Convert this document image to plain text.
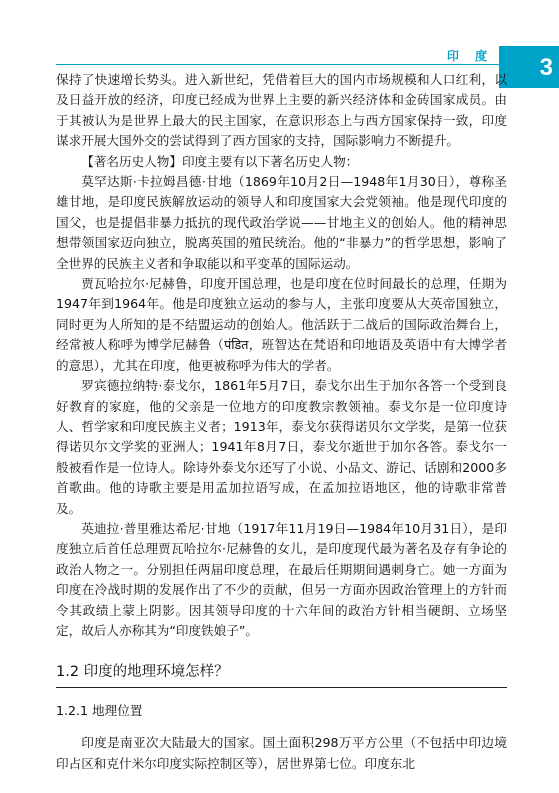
3
印 度

保持了快速增长势头。进入新世纪，凭借着巨大的国内市场规模和人口红利，以及日益开放的经济，印度已经成为世界上主要的新兴经济体和金砖国家成员。由于其被认为是世界上最大的民主国家，在意识形态上与西方国家保持一致，印度谋求开展大国外交的尝试得到了西方国家的支持，国际影响力不断提升。

【著名历史人物】印度主要有以下著名历史人物：

莫罕达斯·卡拉姆昌德·甘地（1869年10月2日—1948年1月30日），尊称圣雄甘地，是印度民族解放运动的领导人和印度国家大会党领袖。他是现代印度的国父，也是提倡非暴力抵抗的现代政治学说——甘地主义的创始人。他的精神思想带领国家迈向独立，脱离英国的殖民统治。他的“非暴力”的哲学思想，影响了全世界的民族主义者和争取能以和平变革的国际运动。

贾瓦哈拉尔·尼赫鲁，印度开国总理，也是印度在位时间最长的总理，任期为1947年到1964年。他是印度独立运动的参与人，主张印度要从大英帝国独立，同时更为人所知的是不结盟运动的创始人。他活跃于二战后的国际政治舞台上，经常被人称呼为博学尼赫鲁（पंडित，班智达在梵语和印地语及英语中有大博学者的意思），尤其在印度，他更被称呼为伟大的学者。

罗宾德拉纳特·泰戈尔，1861年5月7日，泰戈尔出生于加尔各答一个受到良好教育的家庭，他的父亲是一位地方的印度教宗教领袖。泰戈尔是一位印度诗人、哲学家和印度民族主义者；1913年，泰戈尔获得诺贝尔文学奖，是第一位获得诺贝尔文学奖的亚洲人；1941年8月7日，泰戈尔逝世于加尔各答。泰戈尔一般被看作是一位诗人。除诗外泰戈尔还写了小说、小品文、游记、话剧和2000多首歌曲。他的诗歌主要是用孟加拉语写成，在孟加拉语地区，他的诗歌非常普及。

英迪拉·普里雅达希尼·甘地（1917年11月19日—1984年10月31日），是印度独立后首任总理贾瓦哈拉尔·尼赫鲁的女儿，是印度现代最为著名及存有争论的政治人物之一。分别担任两届印度总理，在最后任期期间遇刺身亡。她一方面为印度在冷战时期的发展作出了不少的贡献，但另一方面亦因政治管理上的方针而令其政绩上蒙上阴影。因其领导印度的十六年间的政治方针相当硬朗、立场坚定，故后人亦称其为“印度铁娘子”。

1.2 印度的地理环境怎样？
1.2.1 地理位置

印度是南亚次大陆最大的国家。国土面积298万平方公里（不包括中印边境印占区和克什米尔印度实际控制区等），居世界第七位。印度东北
